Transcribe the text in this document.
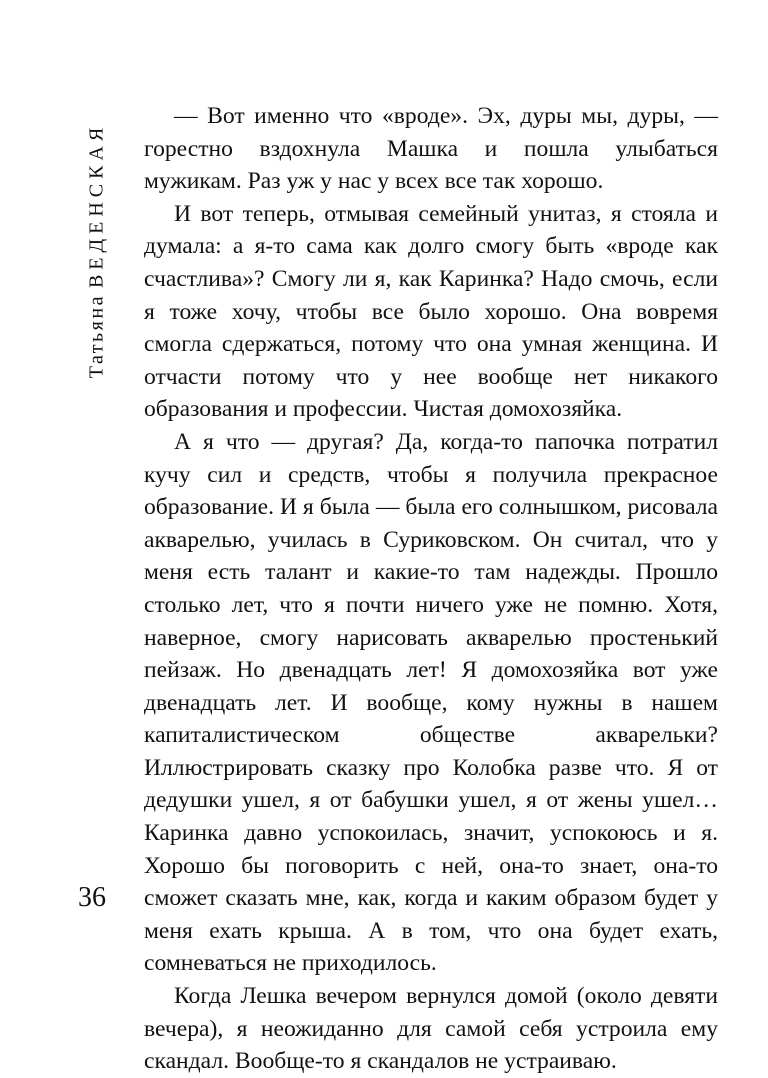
ТатьянаВЕДЕНСКАЯ

— Вот именно что «вроде». Эх, дуры мы, дуры, — горестно вздохнула Машка и пошла улыбаться мужикам. Раз уж у нас у всех все так хорошо.

И вот теперь, отмывая семейный унитаз, я стояла и думала: а я-то сама как долго смогу быть «вроде как счастлива»? Смогу ли я, как Каринка? Надо смочь, если я тоже хочу, чтобы все было хорошо. Она вовремя смогла сдержаться, потому что она умная женщина. И отчасти потому что у нее вообще нет никакого образования и профессии. Чистая домохозяйка.

А я что — другая? Да, когда-то папочка потратил кучу сил и средств, чтобы я получила прекрасное образование. И я была — была его солнышком, рисовала акварелью, училась в Суриковском. Он считал, что у меня есть талант и какие-то там надежды. Прошло столько лет, что я почти ничего уже не помню. Хотя, наверное, смогу нарисовать акварелью простенький пейзаж. Но двенадцать лет! Я домохозяйка вот уже двенадцать лет. И вообще, кому нужны в нашем капиталистическом обществе акварельки? Иллюстрировать сказку про Колобка разве что. Я от дедушки ушел, я от бабушки ушел, я от жены ушел… Каринка давно успокоилась, значит, успокоюсь и я. Хорошо бы поговорить с ней, она-то знает, она-то сможет сказать мне, как, когда и каким образом будет у меня ехать крыша. А в том, что она будет ехать, сомневаться не приходилось.

Когда Лешка вечером вернулся домой (около девяти вечера), я неожиданно для самой себя устроила ему скандал. Вообще-то я скандалов не устраиваю.

36
